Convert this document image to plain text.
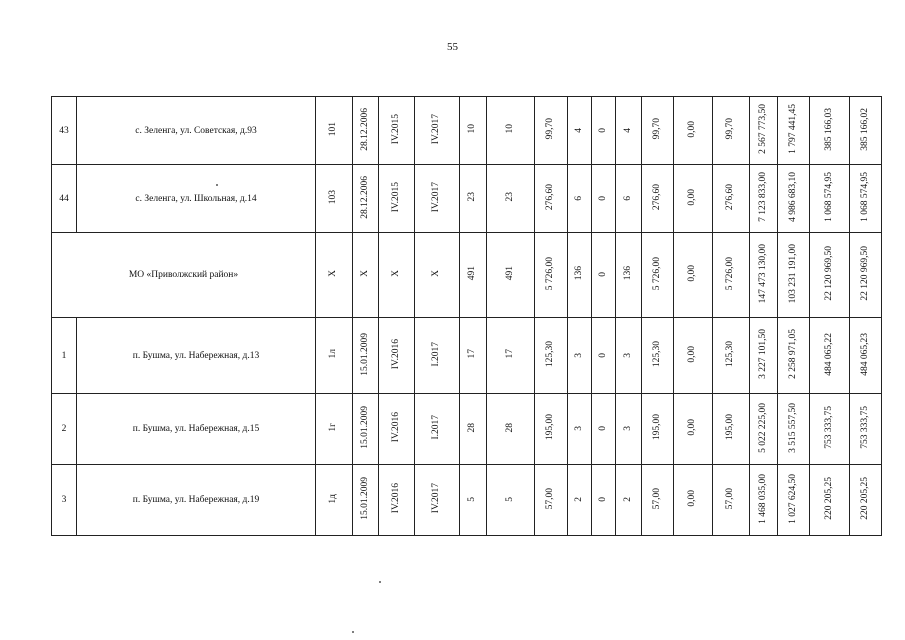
55
43	с. Зеленга, ул. Советская, д.93	101	28.12.2006	IV.2015	IV.2017	10	10	99,70	4	0	4	99,70	0,00	99,70	2 567 773,50	1 797 441,45	385 166,03	385 166,02	
44	с. Зеленга, ул. Школьная, д.14	103	28.12.2006	IV.2015	IV.2017	23	23	276,60	6	0	6	276,60	0,00	276,60	7 123 833,00	4 986 683,10	1 068 574,95	1 068 574,95	
МО «Приволжский район»		X	X	X	X	491	491	5 726,00	136	0	136	5 726,00	0,00	5 726,00	147 473 130,00	103 231 191,00	22 120 969,50	22 120 969,50	
1	п. Бушма, ул. Набережная, д.13	1л	15.01.2009	IV.2016	I.2017	17	17	125,30	3	0	3	125,30	0,00	125,30	3 227 101,50	2 258 971,05	484 065,22	484 065,23	
2	п. Бушма, ул. Набережная, д.15	1г	15.01.2009	IV.2016	I.2017	28	28	195,00	3	0	3	195,00	0,00	195,00	5 022 225,00	3 515 557,50	753 333,75	753 333,75	
3	п. Бушма, ул. Набережная, д.19	1д	15.01.2009	IV.2016	IV.2017	5	5	57,00	2	0	2	57,00	0,00	57,00	1 468 035,00	1 027 624,50	220 205,25	220 205,25	
